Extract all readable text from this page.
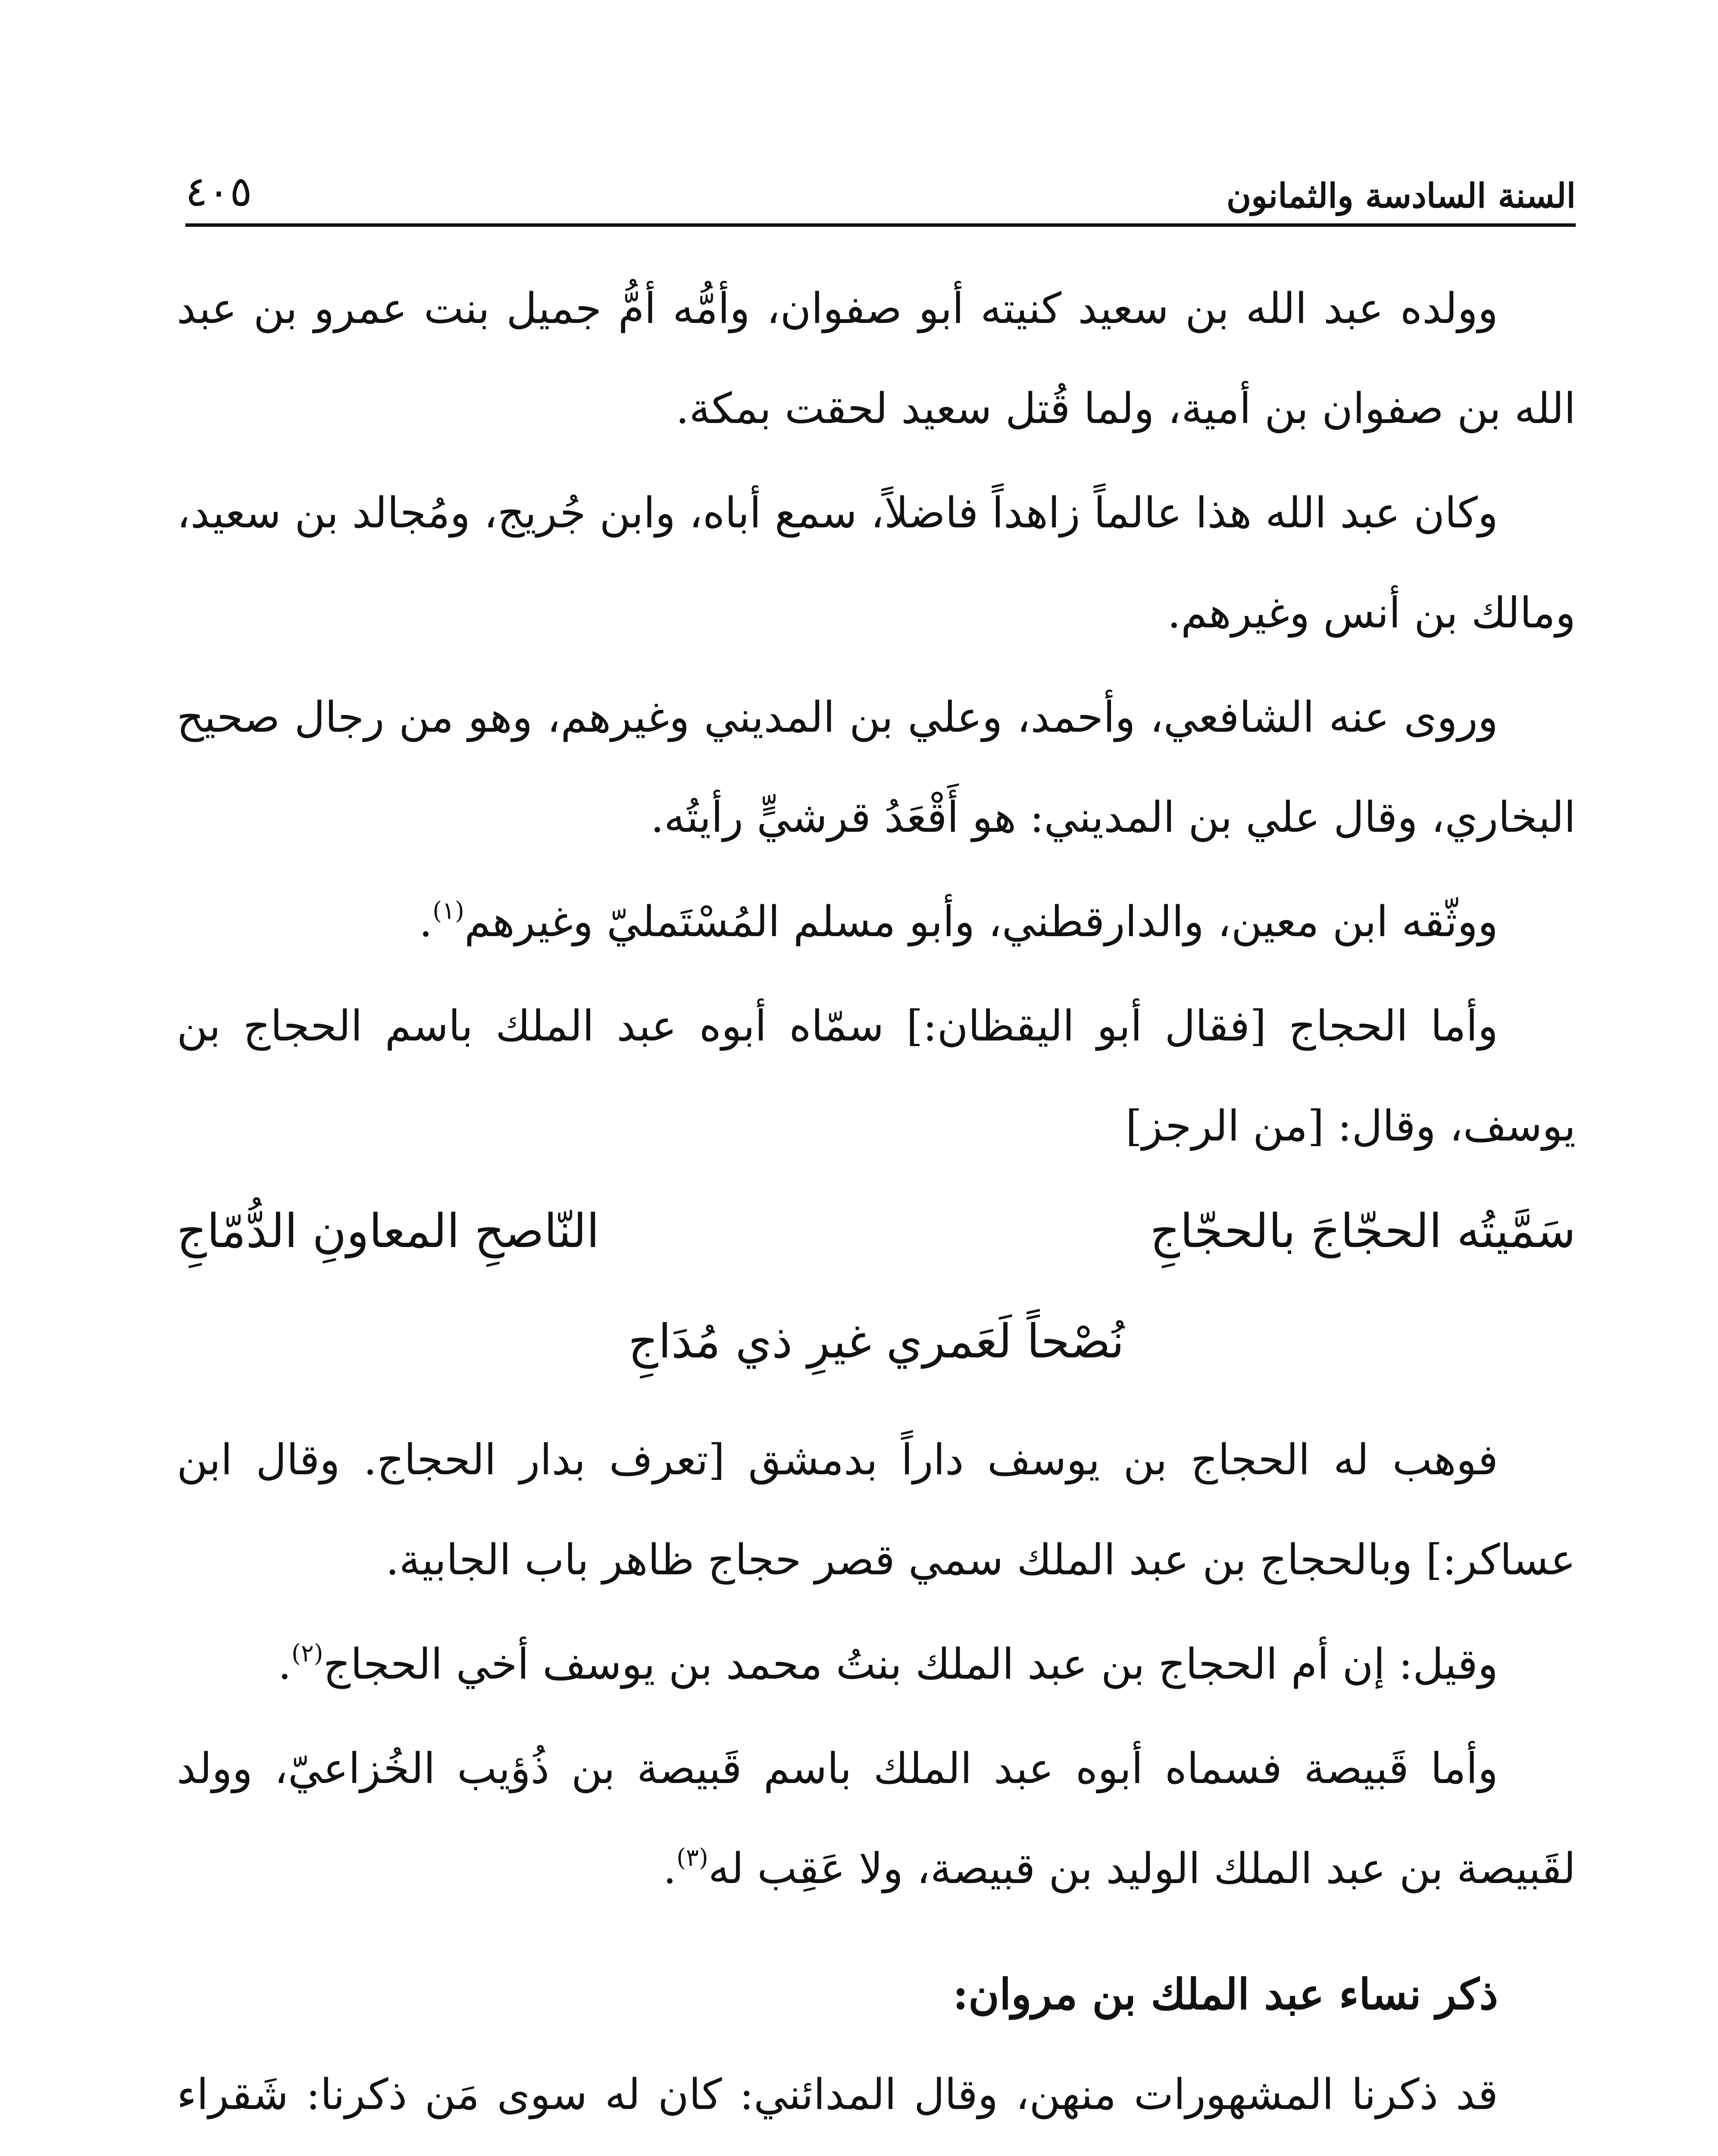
السنة السادسة والثمانون
٤٠٥

وولده عبد الله بن سعيد كنيته أبو صفوان، وأمُّه أمُّ جميل بنت عمرو بن عبد الله بن صفوان بن أمية، ولما قُتل سعيد لحقت بمكة.

وكان عبد الله هذا عالماً زاهداً فاضلاً، سمع أباه، وابن جُريج، ومُجالد بن سعيد، ومالك بن أنس وغيرهم.

وروى عنه الشافعي، وأحمد، وعلي بن المديني وغيرهم، وهو من رجال صحيح البخاري، وقال علي بن المديني: هو أَقْعَدُ قرشيٍّ رأيتُه.

ووثّقه ابن معين، والدارقطني، وأبو مسلم المُسْتَمليّ وغيرهم$^{(١)}$.

وأما الحجاج [فقال أبو اليقظان:] سمّاه أبوه عبد الملك باسم الحجاج بن يوسف، وقال: [من الرجز]

سَمَّيتُه الحجّاجَ بالحجّاجِ
النّاصحِ المعاونِ الدُّمّاجِ
نُصْحاً لَعَمري غيرِ ذي مُدَاجِ

فوهب له الحجاج بن يوسف داراً بدمشق [تعرف بدار الحجاج. وقال ابن عساكر:] وبالحجاج بن عبد الملك سمي قصر حجاج ظاهر باب الجابية.

وقيل: إن أم الحجاج بن عبد الملك بنتُ محمد بن يوسف أخي الحجاج$^{(٢)}$.

وأما قَبيصة فسماه أبوه عبد الملك باسم قَبيصة بن ذُؤيب الخُزاعيّ، وولد لقَبيصة بن عبد الملك الوليد بن قبيصة، ولا عَقِب له$^{(٣)}$.

ذكر نساء عبد الملك بن مروان:

قد ذكرنا المشهورات منهن، وقال المدائني: كان له سوى مَن ذكرنا: شَقراء
